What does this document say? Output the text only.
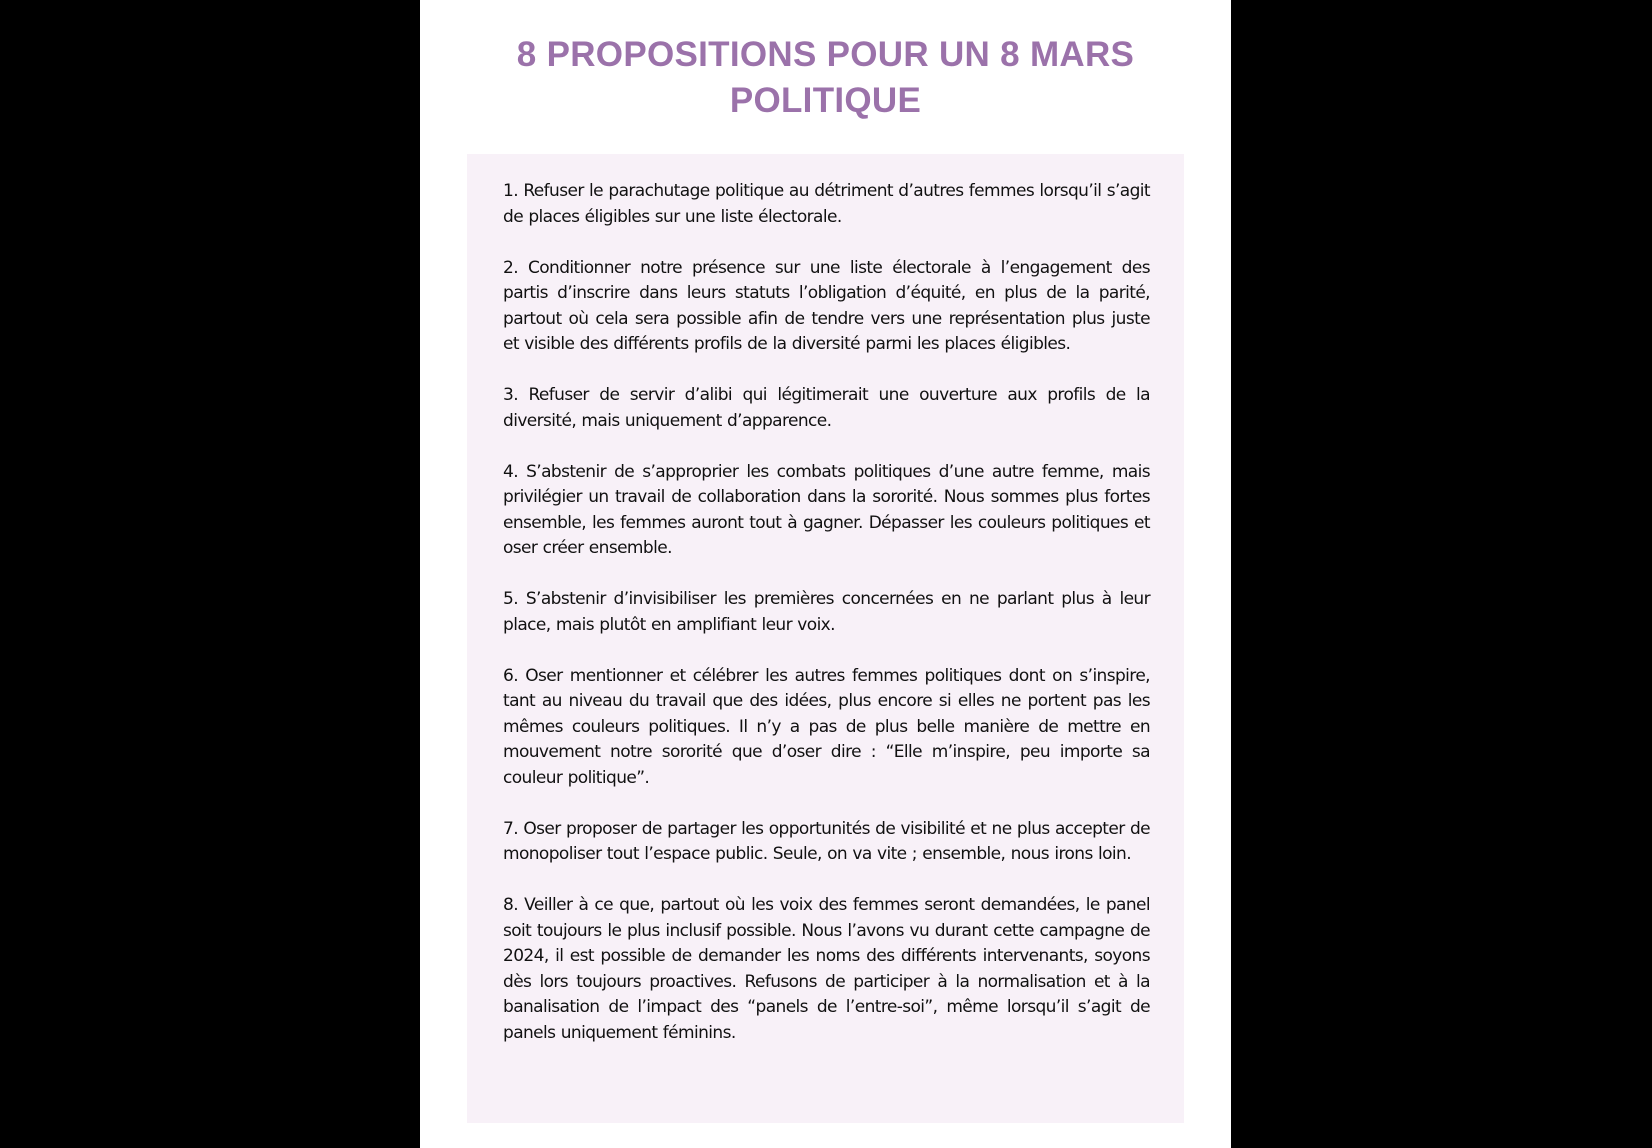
8 PROPOSITIONS POUR UN 8 MARS
POLITIQUE
1. Refuser le parachutage politique au détriment d’autres femmes lorsqu’il s’agit de places éligibles sur une liste électorale.
2. Conditionner notre présence sur une liste électorale à l’engagement des partis d’inscrire dans leurs statuts l’obligation d’équité, en plus de la parité, partout où cela sera possible afin de tendre vers une représentation plus juste et visible des différents profils de la diversité parmi les places éligibles.
3. Refuser de servir d’alibi qui légitimerait une ouverture aux profils de la diversité, mais uniquement d’apparence.
4. S’abstenir de s’approprier les combats politiques d’une autre femme, mais privilégier un travail de collaboration dans la sororité. Nous sommes plus fortes ensemble, les femmes auront tout à gagner. Dépasser les couleurs politiques et oser créer ensemble.
5. S’abstenir d’invisibiliser les premières concernées en ne parlant plus à leur place, mais plutôt en amplifiant leur voix.
6. Oser mentionner et célébrer les autres femmes politiques dont on s’inspire, tant au niveau du travail que des idées, plus encore si elles ne portent pas les mêmes couleurs politiques. Il n’y a pas de plus belle manière de mettre en mouvement notre sororité que d’oser dire : “Elle m’inspire, peu importe sa couleur politique”.
7. Oser proposer de partager les opportunités de visibilité et ne plus accepter de monopoliser tout l’espace public. Seule, on va vite ; ensemble, nous irons loin.
8. Veiller à ce que, partout où les voix des femmes seront demandées, le panel soit toujours le plus inclusif possible. Nous l’avons vu durant cette campagne de 2024, il est possible de demander les noms des différents intervenants, soyons dès lors toujours proactives. Refusons de participer à la normalisation et à la banalisation de l’impact des “panels de l’entre-soi”, même lorsqu’il s’agit de panels uniquement féminins.
